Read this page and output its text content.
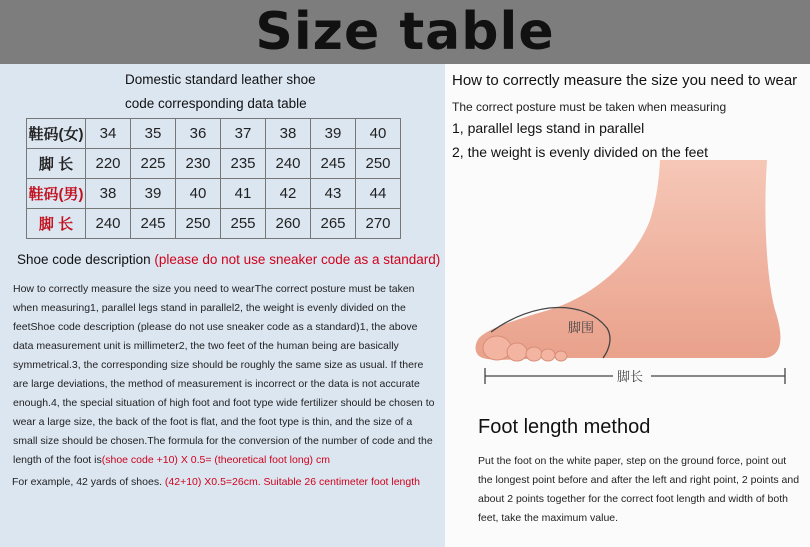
Size table
Domestic standard leather shoe
code corresponding data table
鞋码(女)	34	35	36	37	38	39	40
脚 长	220	225	230	235	240	245	250
鞋码(男)	38	39	40	41	42	43	44
脚 长	240	245	250	255	260	265	270
Shoe code description (please do not use sneaker code as a standard)
How to correctly measure the size you need to wearThe correct posture must be taken when measuring1, parallel legs stand in parallel2, the weight is evenly divided on the feetShoe code description (please do not use sneaker code as a standard)1, the above data measurement unit is millimeter2, the two feet of the human being are basically symmetrical.3, the corresponding size should be roughly the same size as usual. If there are large deviations, the method of measurement is incorrect or the data is not accurate enough.4, the special situation of high foot and foot type wide fertilizer should be chosen to wear a large size, the back of the foot is flat, and the foot type is thin, and the size of a small size should be chosen.The formula for the conversion of the number of code and the length of the foot is(shoe code +10) X 0.5= (theoretical foot long) cm
For example, 42 yards of shoes. (42+10) X0.5=26cm. Suitable 26 centimeter foot length
How to correctly measure the size you need to wear
The correct posture must be taken when measuring
1, parallel legs stand in parallel
2, the weight is evenly divided on the feet
脚围
脚长
Foot length method
Put the foot on the white paper, step on the ground force, point out the longest point before and after the left and right point, 2 points and about 2 points together for the correct foot length and width of both feet, take the maximum value.
